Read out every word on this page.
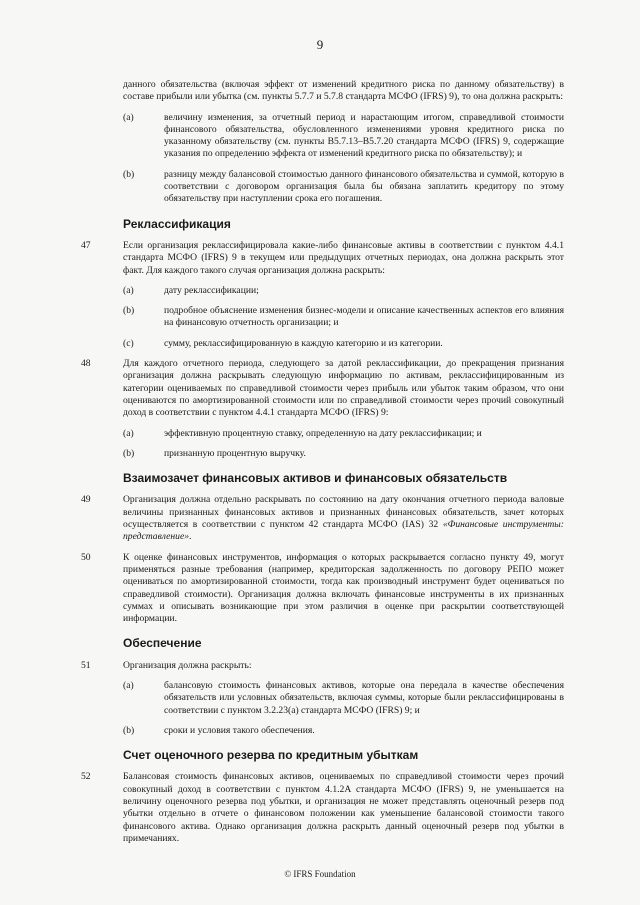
9
данного обязательства (включая эффект от изменений кредитного риска по данному обязательству) в составе прибыли или убытка (см. пункты 5.7.7 и 5.7.8 стандарта МСФО (IFRS) 9), то она должна раскрыть:
(a)	величину изменения, за отчетный период и нарастающим итогом, справедливой стоимости финансового обязательства, обусловленного изменениями уровня кредитного риска по указанному обязательству (см. пункты B5.7.13–B5.7.20 стандарта МСФО (IFRS) 9, содержащие указания по определению эффекта от изменений кредитного риска по обязательству); и
(b)	разницу между балансовой стоимостью данного финансового обязательства и суммой, которую в соответствии с договором организация была бы обязана заплатить кредитору по этому обязательству при наступлении срока его погашения.
Реклассификация
47	Если организация реклассифицировала какие-либо финансовые активы в соответствии с пунктом 4.4.1 стандарта МСФО (IFRS) 9 в текущем или предыдущих отчетных периодах, она должна раскрыть этот факт. Для каждого такого случая организация должна раскрыть:
(a)	дату реклассификации;
(b)	подробное объяснение изменения бизнес-модели и описание качественных аспектов его влияния на финансовую отчетность организации; и
(c)	сумму, реклассифицированную в каждую категорию и из категории.
48	Для каждого отчетного периода, следующего за датой реклассификации, до прекращения признания организация должна раскрывать следующую информацию по активам, реклассифицированным из категории оцениваемых по справедливой стоимости через прибыль или убыток таким образом, что они оцениваются по амортизированной стоимости или по справедливой стоимости через прочий совокупный доход в соответствии с пунктом 4.4.1 стандарта МСФО (IFRS) 9:
(a)	эффективную процентную ставку, определенную на дату реклассификации; и
(b)	признанную процентную выручку.
Взаимозачет финансовых активов и финансовых обязательств
49	Организация должна отдельно раскрывать по состоянию на дату окончания отчетного периода валовые величины признанных финансовых активов и признанных финансовых обязательств, зачет которых осуществляется в соответствии с пунктом 42 стандарта МСФО (IAS) 32 «Финансовые инструменты: представление».
50	К оценке финансовых инструментов, информация о которых раскрывается согласно пункту 49, могут применяться разные требования (например, кредиторская задолженность по договору РЕПО может оцениваться по амортизированной стоимости, тогда как производный инструмент будет оцениваться по справедливой стоимости). Организация должна включать финансовые инструменты в их признанных суммах и описывать возникающие при этом различия в оценке при раскрытии соответствующей информации.
Обеспечение
51	Организация должна раскрыть:
(a)	балансовую стоимость финансовых активов, которые она передала в качестве обеспечения обязательств или условных обязательств, включая суммы, которые были реклассифицированы в соответствии с пунктом 3.2.23(a) стандарта МСФО (IFRS) 9; и
(b)	сроки и условия такого обеспечения.
Счет оценочного резерва по кредитным убыткам
52	Балансовая стоимость финансовых активов, оцениваемых по справедливой стоимости через прочий совокупный доход в соответствии с пунктом 4.1.2A стандарта МСФО (IFRS) 9, не уменьшается на величину оценочного резерва под убытки, и организация не может представлять оценочный резерв под убытки отдельно в отчете о финансовом положении как уменьшение балансовой стоимости такого финансового актива. Однако организация должна раскрыть данный оценочный резерв под убытки в примечаниях.
© IFRS Foundation
